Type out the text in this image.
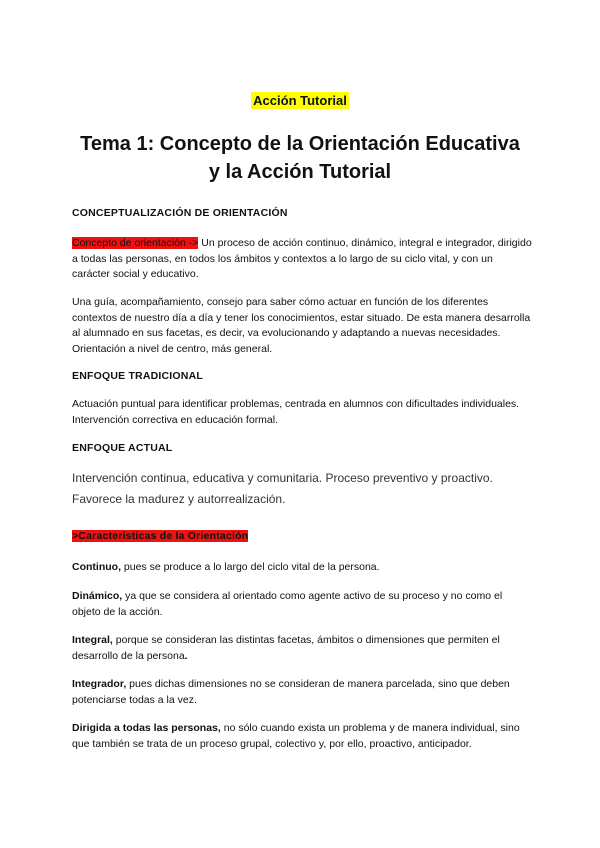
Acción Tutorial
Tema 1: Concepto de la Orientación Educativa
y la Acción Tutorial

CONCEPTUALIZACIÓN DE ORIENTACIÓN

Concepto de orientación -> Un proceso de acción continuo, dinámico, integral e integrador, dirigido a todas las personas, en todos los ámbitos y contextos a lo largo de su ciclo vital, y con un carácter social y educativo.

Una guía, acompañamiento, consejo para saber cómo actuar en función de los diferentes contextos de nuestro día a día y tener los conocimientos, estar situado. De esta manera desarrolla al alumnado en sus facetas, es decir, va evolucionando y adaptando a nuevas necesidades. Orientación a nivel de centro, más general.

ENFOQUE TRADICIONAL

Actuación puntual para identificar problemas, centrada en alumnos con dificultades individuales. Intervención correctiva en educación formal.

ENFOQUE ACTUAL

Intervención continua, educativa y comunitaria. Proceso preventivo y proactivo.
Favorece la madurez y autorrealización.

>Características de la Orientación

Continuo, pues se produce a lo largo del ciclo vital de la persona.

Dinámico, ya que se considera al orientado como agente activo de su proceso y no como el objeto de la acción.

Integral, porque se consideran las distintas facetas, ámbitos o dimensiones que permiten el desarrollo de la persona.

Integrador, pues dichas dimensiones no se consideran de manera parcelada, sino que deben potenciarse todas a la vez.

Dirigida a todas las personas, no sólo cuando exista un problema y de manera individual, sino que también se trata de un proceso grupal, colectivo y, por ello, proactivo, anticipador.
